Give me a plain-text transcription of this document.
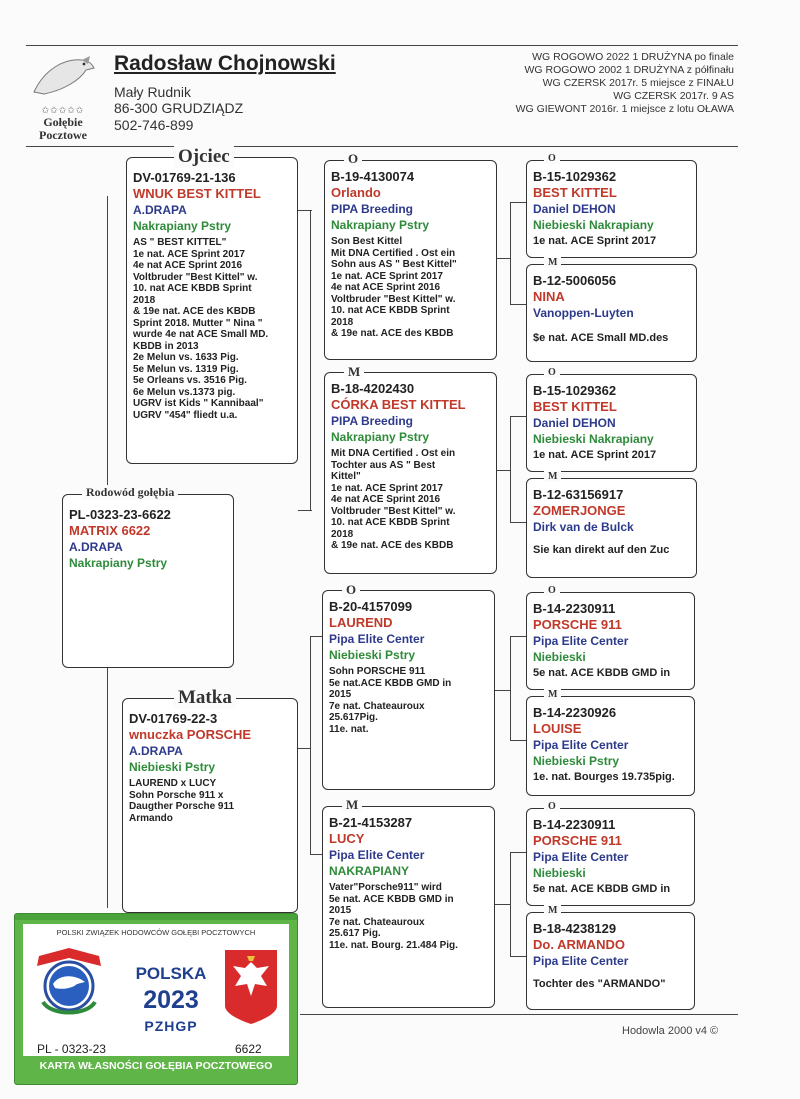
✩✩✩✩✩
Gołębie
Pocztowe
Radosław Chojnowski
Mały Rudnik
86-300 GRUDZIĄDZ
502-746-899
WG ROGOWO 2022 1 DRUŻYNA po finale
WG ROGOWO 2002 1 DRUŻYNA z półfinału
WG CZERSK 2017r. 5 miejsce z FINAŁU
WG CZERSK 2017r. 9 AS
WG GIEWONT 2016r. 1 miejsce z lotu OŁAWA
PL-0323-23-6622
MATRIX 6622
A.DRAPA
Nakrapiany Pstry
Rodowód gołębia
DV-01769-21-136
WNUK BEST KITTEL
A.DRAPA
Nakrapiany Pstry
AS " BEST KITTEL"
1e nat. ACE Sprint 2017
4e nat ACE Sprint 2016
Voltbruder "Best Kittel" w.
10. nat ACE KBDB Sprint
2018
& 19e nat. ACE des KBDB
Sprint 2018. Mutter " Nina "
wurde 4e nat ACE Small MD.
KBDB in 2013
2e Melun vs. 1633 Pig.
5e Melun vs. 1319 Pig.
5e Orleans vs. 3516 Pig.
6e Melun vs.1373 pig.
UGRV ist Kids " Kannibaal"
UGRV "454" fliedt u.a.
Ojciec
DV-01769-22-3
wnuczka PORSCHE
A.DRAPA
Niebieski Pstry
LAUREND x LUCY
Sohn Porsche 911 x
Daugther Porsche 911
Armando
Matka
B-19-4130074
Orlando
PIPA Breeding
Nakrapiany Pstry
Son Best Kittel
Mit DNA Certified . Ost ein
Sohn aus AS " Best Kittel"
1e nat. ACE Sprint 2017
4e nat ACE Sprint 2016
Voltbruder "Best Kittel" w.
10. nat ACE KBDB Sprint
2018
& 19e nat. ACE des KBDB
O
B-18-4202430
CÓRKA BEST KITTEL
PIPA Breeding
Nakrapiany Pstry
Mit DNA Certified . Ost ein
Tochter aus AS " Best
Kittel"
1e nat. ACE Sprint 2017
4e nat ACE Sprint 2016
Voltbruder "Best Kittel" w.
10. nat ACE KBDB Sprint
2018
& 19e nat. ACE des KBDB
M
B-20-4157099
LAUREND
Pipa Elite Center
Niebieski Pstry
Sohn PORSCHE 911
5e nat.ACE KBDB GMD in
2015
7e nat. Chateauroux
25.617Pig.
11e. nat.
O
B-21-4153287
LUCY
Pipa Elite Center
NAKRAPIANY
Vater"Porsche911" wird
5e nat. ACE KBDB GMD in
2015
7e nat. Chateauroux
25.617 Pig.
11e. nat. Bourg. 21.484 Pig.
M
B-15-1029362
BEST KITTEL
Daniel DEHON
Niebieski Nakrapiany
1e nat. ACE Sprint 2017
O
B-12-5006056
NINA
Vanoppen-Luyten
$e nat. ACE Small MD.des
M
B-15-1029362
BEST KITTEL
Daniel DEHON
Niebieski Nakrapiany
1e nat. ACE Sprint 2017
O
B-12-63156917
ZOMERJONGE
Dirk van de Bulck
Sie kan direkt auf den Zuc
M
B-14-2230911
PORSCHE 911
Pipa Elite Center
Niebieski
5e nat. ACE KBDB GMD in
O
B-14-2230926
LOUISE
Pipa Elite Center
Niebieski Pstry
1e. nat. Bourges 19.735pig.
M
B-14-2230911
PORSCHE 911
Pipa Elite Center
Niebieski
5e nat. ACE KBDB GMD in
O
B-18-4238129
Do. ARMANDO
Pipa Elite Center
Tochter des "ARMANDO"
M
Hodowla 2000 v4 ©
POLSKI ZWIĄZEK HODOWCÓW GOŁĘBI POCZTOWYCH
PZHGP	POLSKA
2023
PZHGP
PL - 0323-23	6622
KARTA WŁASNOŚCI GOŁĘBIA POCZTOWEGO
